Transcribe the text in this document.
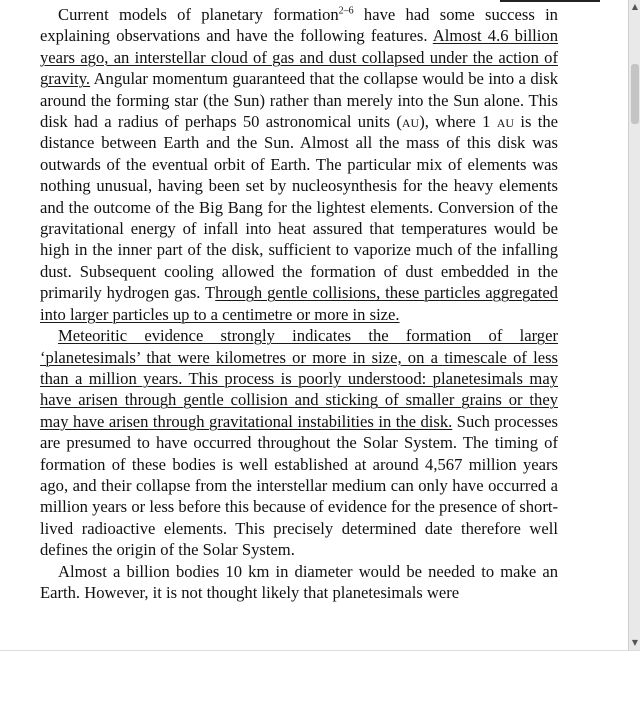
Current models of planetary formation$^{2-6}$ have had some success in explaining observations and have the following features. Almost 4.6 billion years ago, an interstellar cloud of gas and dust collapsed under the action of gravity. Angular momentum guaranteed that the collapse would be into a disk around the forming star (the Sun) rather than merely into the Sun alone. This disk had a radius of perhaps 50 astronomical units (au), where 1 au is the distance between Earth and the Sun. Almost all the mass of this disk was outwards of the eventual orbit of Earth. The particular mix of elements was nothing unusual, having been set by nucleosynthesis for the heavy elements and the outcome of the Big Bang for the lightest elements. Conversion of the gravitational energy of infall into heat assured that temperatures would be high in the inner part of the disk, sufficient to vaporize much of the infalling dust. Subsequent cooling allowed the formation of dust embedded in the primarily hydrogen gas. Through gentle collisions, these particles aggregated into larger particles up to a centimetre or more in size.

Meteoritic evidence strongly indicates the formation of larger ‘planetesimals’ that were kilometres or more in size, on a timescale of less than a million years. This process is poorly understood: planetesimals may have arisen through gentle collision and sticking of smaller grains or they may have arisen through gravitational instabilities in the disk. Such processes are presumed to have occurred throughout the Solar System. The timing of formation of these bodies is well established at around 4,567 million years ago, and their collapse from the interstellar medium can only have occurred a million years or less before this because of evidence for the presence of short-lived radioactive elements. This precisely determined date therefore well defines the origin of the Solar System.

Almost a billion bodies 10 km in diameter would be needed to make an Earth. However, it is not thought likely that planetesimals were

▲
▼
